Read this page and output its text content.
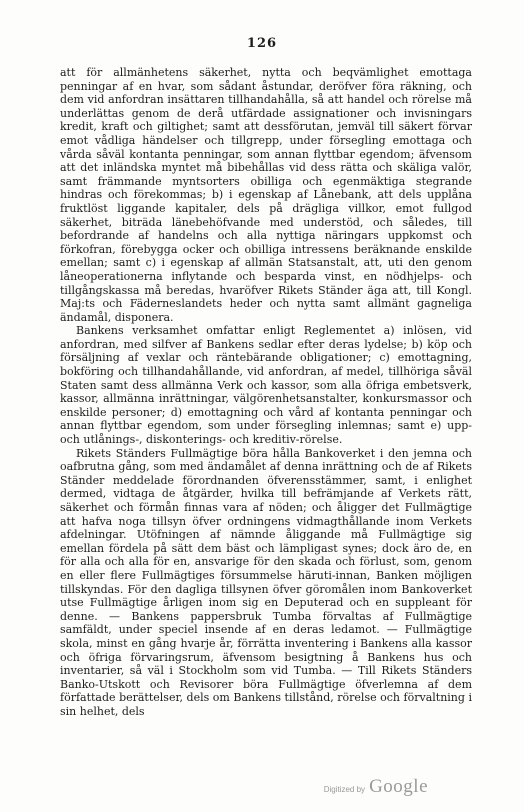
126

att för allmänhetens säkerhet, nytta och beqvämlighet emottaga penningar af en hvar, som sådant åstundar, deröfver föra räkning, och dem vid anfordran insättaren tillhandahålla, så att handel och rörelse må underlättas genom de derå utfärdade assignationer och invisningars kredit, kraft och giltighet; samt att dessförutan, jemväl till säkert förvar emot vådliga händelser och tillgrepp, under försegling emottaga och vårda såväl kontanta penningar, som annan flyttbar egendom; äfvensom att det inländska myntet må bibehållas vid dess rätta och skäliga valör, samt främmande myntsorters obilliga och egenmäktiga stegrande hindras och förekommas; b) i egenskap af Lånebank, att dels upplåna fruktlöst liggande kapitaler, dels på drägliga villkor, emot fullgod säkerhet, biträda länebehöfvande med understöd, och således, till befordrande af handelns och alla nyttiga näringars uppkomst och förkofran, förebygga ocker och obilliga intressens beräknande enskilde emellan; samt c) i egenskap af allmän Statsanstalt, att, uti den genom låneoperationerna inflytande och besparda vinst, en nödhjelps- och tillgångskassa må beredas, hvaröfver Rikets Ständer äga att, till Kongl. Maj:ts och Fäderneslandets heder och nytta samt allmänt gagneliga ändamål, disponera.

Bankens verksamhet omfattar enligt Reglementet a) inlösen, vid anfordran, med silfver af Bankens sedlar efter deras lydelse; b) köp och försäljning af vexlar och räntebärande obligationer; c) emottagning, bokföring och tillhandahållande, vid anfordran, af medel, tillhöriga såväl Staten samt dess allmänna Verk och kassor, som alla öfriga embetsverk, kassor, allmänna inrättningar, välgörenhetsanstalter, konkursmassor och enskilde personer; d) emottagning och vård af kontanta penningar och annan flyttbar egendom, som under försegling inlemnas; samt e) upp- och utlånings-, diskonterings- och kreditiv-rörelse.

Rikets Ständers Fullmägtige böra hålla Bankoverket i den jemna och oafbrutna gång, som med ändamålet af denna inrättning och de af Rikets Ständer meddelade förordnanden öfverensstämmer, samt, i enlighet dermed, vidtaga de åtgärder, hvilka till befrämjande af Verkets rätt, säkerhet och förmån finnas vara af nöden; och åligger det Fullmägtige att hafva noga tillsyn öfver ordningens vidmagthållande inom Verkets afdelningar. Utöfningen af nämnde åliggande må Fullmägtige sig emellan fördela på sätt dem bäst och lämpligast synes; dock äro de, en för alla och alla för en, ansvarige för den skada och förlust, som, genom en eller flere Fullmägtiges försummelse häruti-innan, Banken möjligen tillskyndas. För den dagliga tillsynen öfver göromålen inom Bankoverket utse Fullmägtige årligen inom sig en Deputerad och en suppleant för denne. — Bankens pappersbruk Tumba förvaltas af Fullmägtige samfäldt, under speciel insende af en deras ledamot. — Fullmägtige skola, minst en gång hvarje år, förrätta inventering i Bankens alla kassor och öfriga förvaringsrum, äfvensom besigtning å Bankens hus och inventarier, så väl i Stockholm som vid Tumba. — Till Rikets Ständers Banko-Utskott och Revisorer böra Fullmägtige öfverlemna af dem författade berättelser, dels om Bankens tillstånd, rörelse och förvaltning i sin helhet, dels

Digitized by Google
